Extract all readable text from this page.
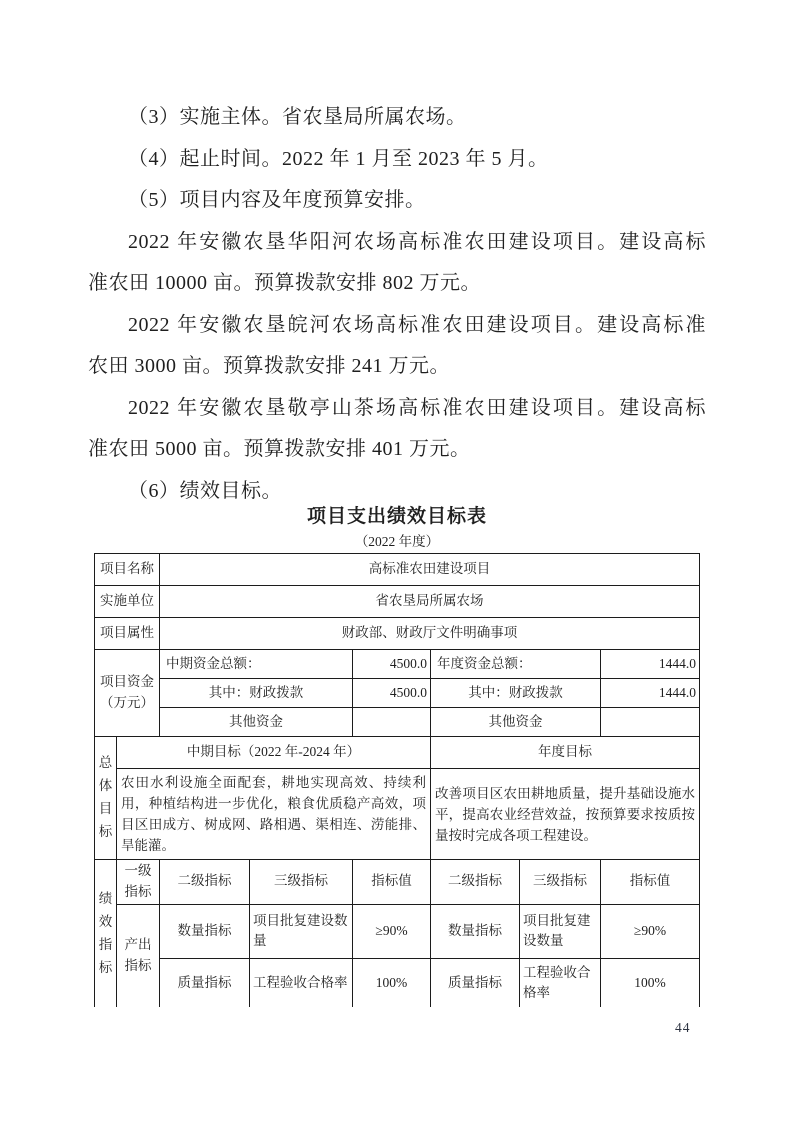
（3）实施主体。省农垦局所属农场。
（4）起止时间。2022 年 1 月至 2023 年 5 月。
（5）项目内容及年度预算安排。
2022 年安徽农垦华阳河农场高标准农田建设项目。建设高标
准农田 10000 亩。预算拨款安排 802 万元。
2022 年安徽农垦皖河农场高标准农田建设项目。建设高标准
农田 3000 亩。预算拨款安排 241 万元。
2022 年安徽农垦敬亭山茶场高标准农田建设项目。建设高标
准农田 5000 亩。预算拨款安排 401 万元。
（6）绩效目标。

项目支出绩效目标表

（2022 年度）

项目名称		高标准农田建设项目					
实施单位		省农垦局所属农场					
项目属性		财政部、财政厅文件明确事项					
项目资金（万元）		中期资金总额：		4500.0	年度资金总额：		1444.0
		其中：财政拨款		4500.0	其中：财政拨款		1444.0
		其他资金			其他资金		
总体目标	中期目标（2022 年-2024 年）				年度目标		
	农田水利设施全面配套，耕地实现高效、持续利用，种植结构进一步优化，粮食优质稳产高效，项目区田成方、树成网、路相遇、渠相连、涝能排、旱能灌。				改善项目区农田耕地质量，提升基础设施水平，提高农业经营效益，按预算要求按质按量按时完成各项工程建设。		
绩效指标	一级指标	二级指标	三级指标	指标值	二级指标	三级指标	指标值
	产出指标	数量指标	项目批复建设数量	≥90%	数量指标	项目批复建设数量	≥90%
		质量指标	工程验收合格率	100%	质量指标	工程验收合格率	100%
44
